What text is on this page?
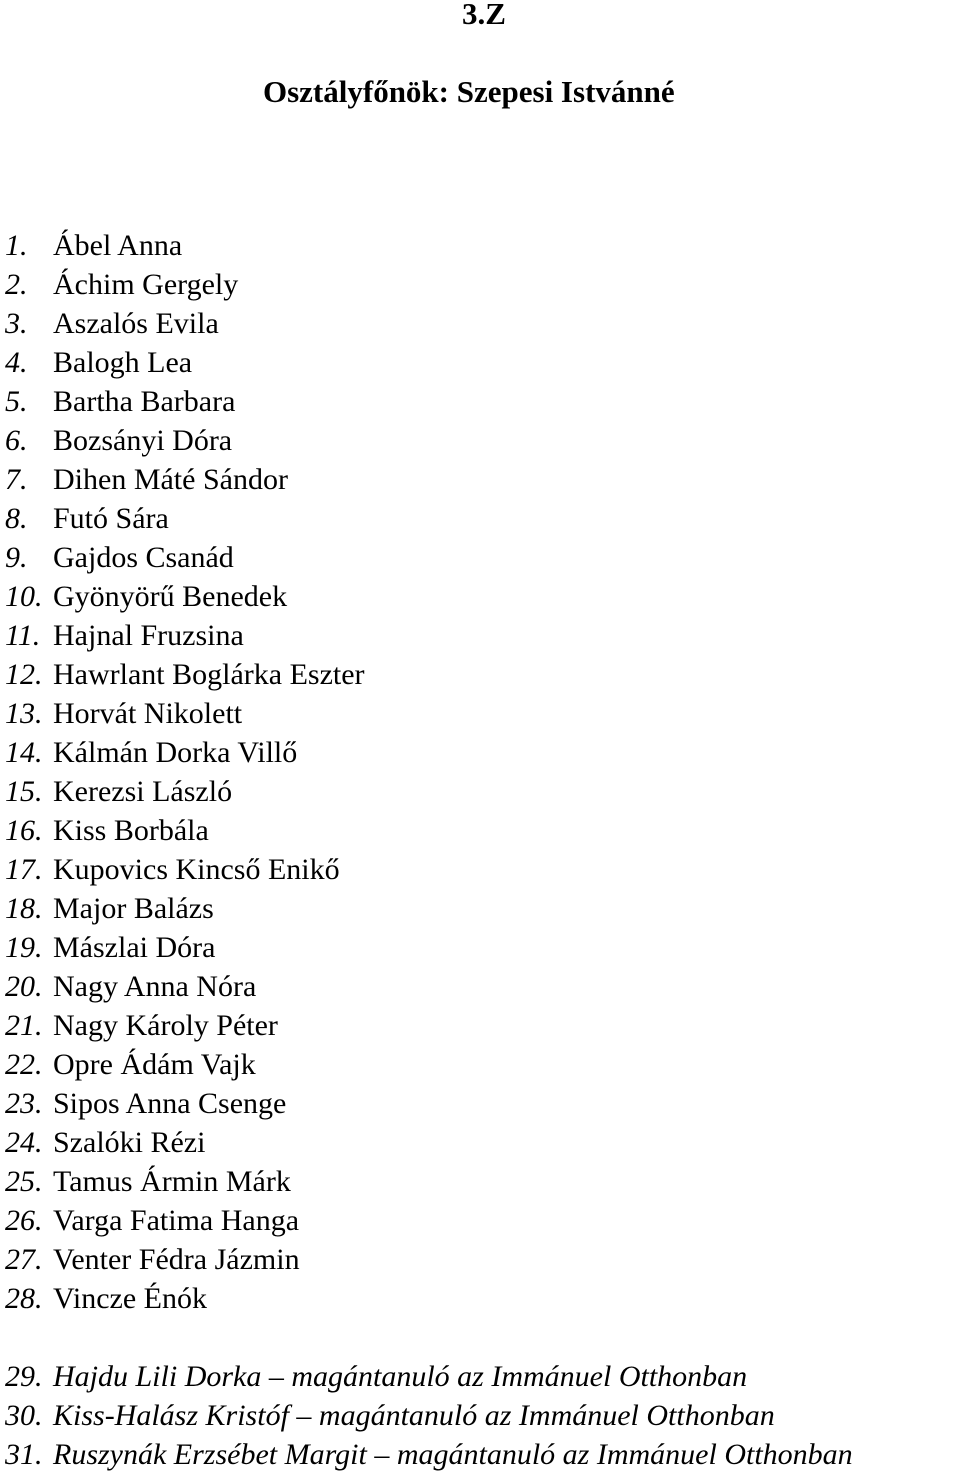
3.Z
Osztályfőnök: Szepesi Istvánné
1. Ábel Anna
2. Áchim Gergely
3. Aszalós Evila
4. Balogh Lea
5. Bartha Barbara
6. Bozsányi Dóra
7. Dihen Máté Sándor
8. Futó Sára
9. Gajdos Csanád
10. Gyönyörű Benedek
11. Hajnal Fruzsina
12. Hawrlant Boglárka Eszter
13. Horvát Nikolett
14. Kálmán Dorka Villő
15. Kerezsi László
16. Kiss Borbála
17. Kupovics Kincső Enikő
18. Major Balázs
19. Mászlai Dóra
20. Nagy Anna Nóra
21. Nagy Károly Péter
22. Opre Ádám Vajk
23. Sipos Anna Csenge
24. Szalóki Rézi
25. Tamus Ármin Márk
26. Varga Fatima Hanga
27. Venter Fédra Jázmin
28. Vincze Énók
29. Hajdu Lili Dorka – magántanuló az Immánuel Otthonban
30. Kiss-Halász Kristóf – magántanuló az Immánuel Otthonban
31. Ruszynák Erzsébet Margit – magántanuló az Immánuel Otthonban
